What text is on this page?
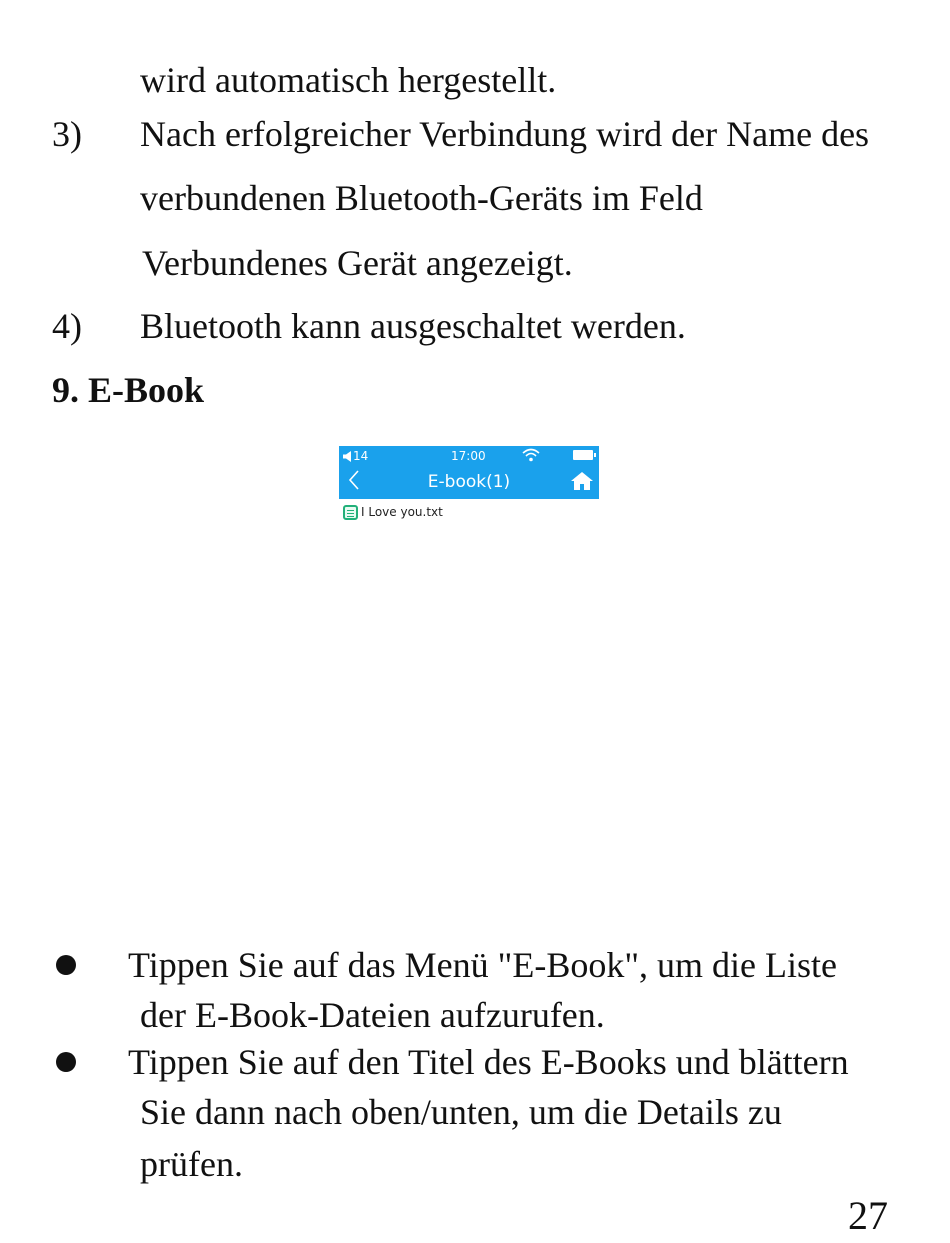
wird automatisch hergestellt.
3) Nach erfolgreicher Verbindung wird der Name des
verbundenen Bluetooth-Geräts im Feld
Verbundenes Gerät angezeigt.
4) Bluetooth kann ausgeschaltet werden.
9. E-Book
14	17:00
E-book(1)
I Love you.txt
Tippen Sie auf das Menü "E-Book", um die Liste
der E-Book-Dateien aufzurufen.
Tippen Sie auf den Titel des E-Books und blättern
Sie dann nach oben/unten, um die Details zu
prüfen.
27
